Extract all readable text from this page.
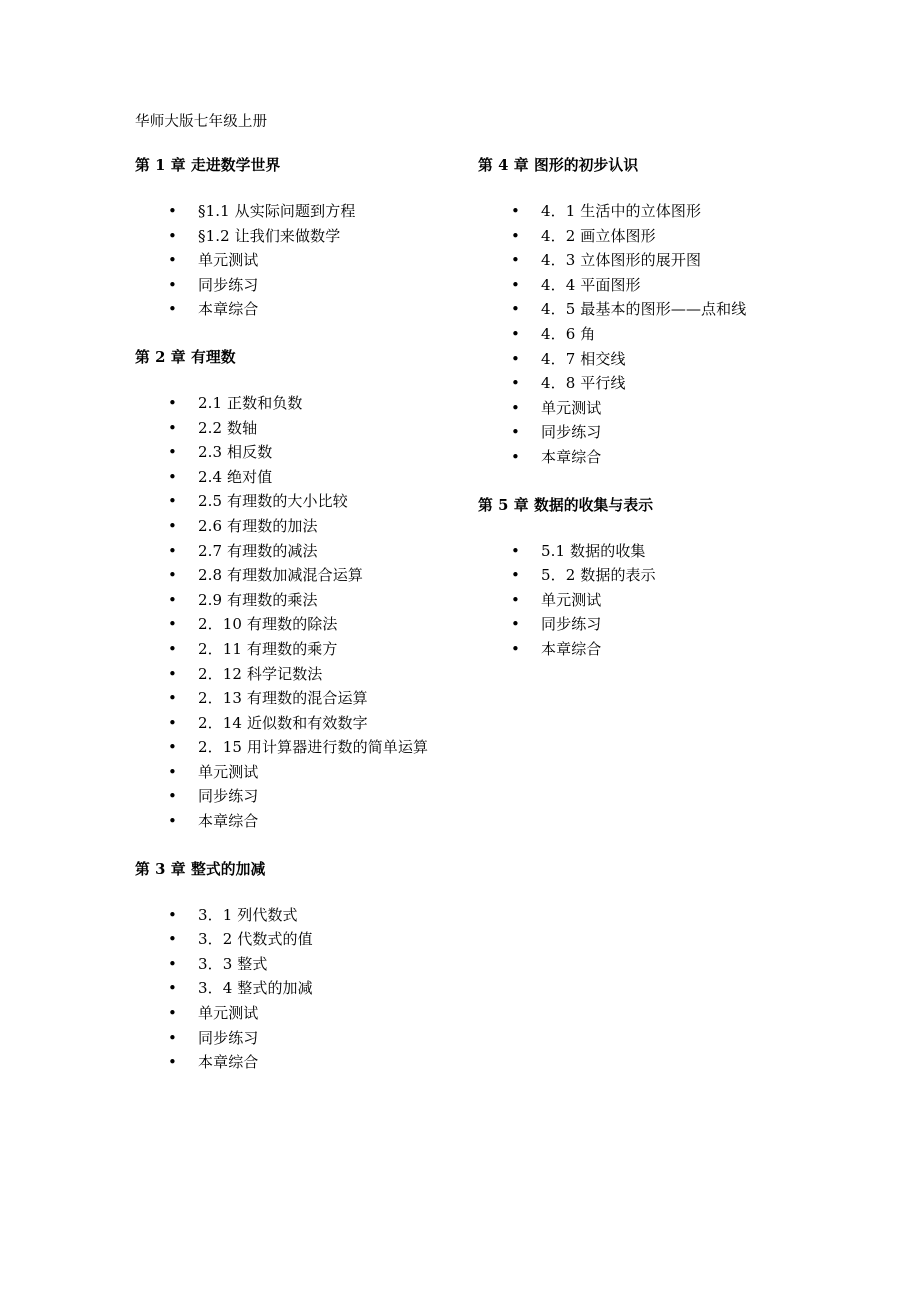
华师大版七年级上册
第 1 章 走进数学世界
• §1.1 从实际问题到方程
• §1.2 让我们来做数学
• 单元测试
• 同步练习
• 本章综合
第 2 章 有理数
• 2.1 正数和负数
• 2.2 数轴
• 2.3 相反数
• 2.4 绝对值
• 2.5 有理数的大小比较
• 2.6 有理数的加法
• 2.7 有理数的减法
• 2.8 有理数加减混合运算
• 2.9 有理数的乘法
• 2．10 有理数的除法
• 2．11 有理数的乘方
• 2．12 科学记数法
• 2．13 有理数的混合运算
• 2．14 近似数和有效数字
• 2．15 用计算器进行数的简单运算
• 单元测试
• 同步练习
• 本章综合
第 3 章 整式的加减
• 3．1 列代数式
• 3．2 代数式的值
• 3．3 整式
• 3．4 整式的加减
• 单元测试
• 同步练习
• 本章综合
第 4 章 图形的初步认识
• 4．1 生活中的立体图形
• 4．2 画立体图形
• 4．3 立体图形的展开图
• 4．4 平面图形
• 4．5 最基本的图形——点和线
• 4．6 角
• 4．7 相交线
• 4．8 平行线
• 单元测试
• 同步练习
• 本章综合
第 5 章 数据的收集与表示
• 5.1 数据的收集
• 5．2 数据的表示
• 单元测试
• 同步练习
• 本章综合
